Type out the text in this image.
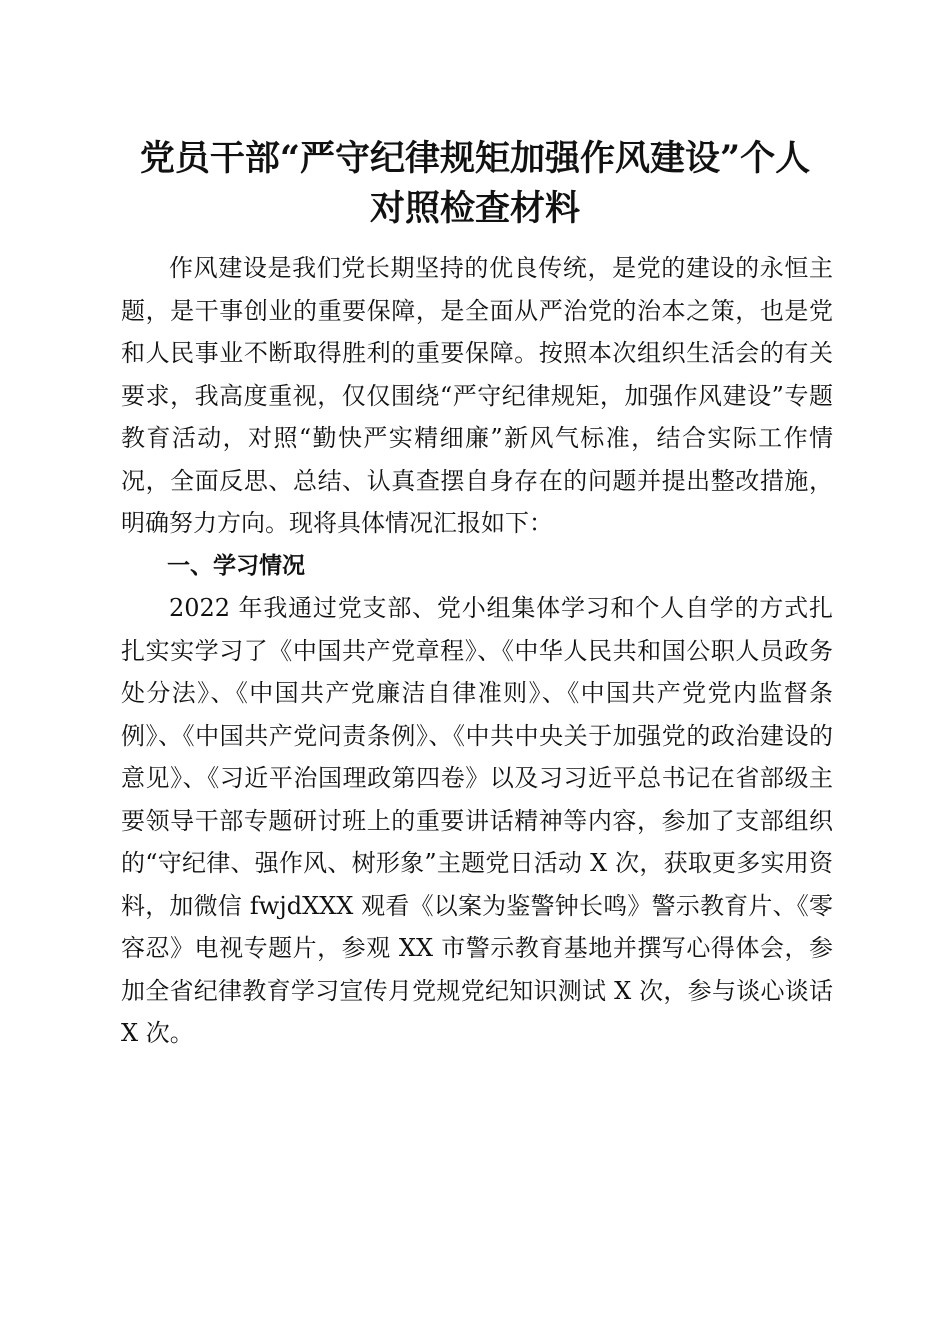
党员干部“严守纪律规矩加强作风建设”个人
对照检查材料

作风建设是我们党长期坚持的优良传统，是党的建设的永恒主题，是干事创业的重要保障，是全面从严治党的治本之策，也是党和人民事业不断取得胜利的重要保障。按照本次组织生活会的有关要求，我高度重视，仅仅围绕“严守纪律规矩，加强作风建设”专题教育活动，对照“勤快严实精细廉”新风气标准，结合实际工作情况，全面反思、总结、认真查摆自身存在的问题并提出整改措施，明确努力方向。现将具体情况汇报如下：

一、学习情况

2022 年我通过党支部、党小组集体学习和个人自学的方式扎扎实实学习了《中国共产党章程》、《中华人民共和国公职人员政务处分法》、《中国共产党廉洁自律准则》、《中国共产党党内监督条例》、《中国共产党问责条例》、《中共中央关于加强党的政治建设的意见》、《习近平治国理政第四卷》以及习习近平总书记在省部级主要领导干部专题研讨班上的重要讲话精神等内容，参加了支部组织的“守纪律、强作风、树形象”主题党日活动 X 次，获取更多实用资料，加微信 fwjdXXX 观看《以案为鉴警钟长鸣》警示教育片、《零容忍》电视专题片，参观 XX 市警示教育基地并撰写心得体会，参加全省纪律教育学习宣传月党规党纪知识测试 X 次，参与谈心谈话 X 次。
